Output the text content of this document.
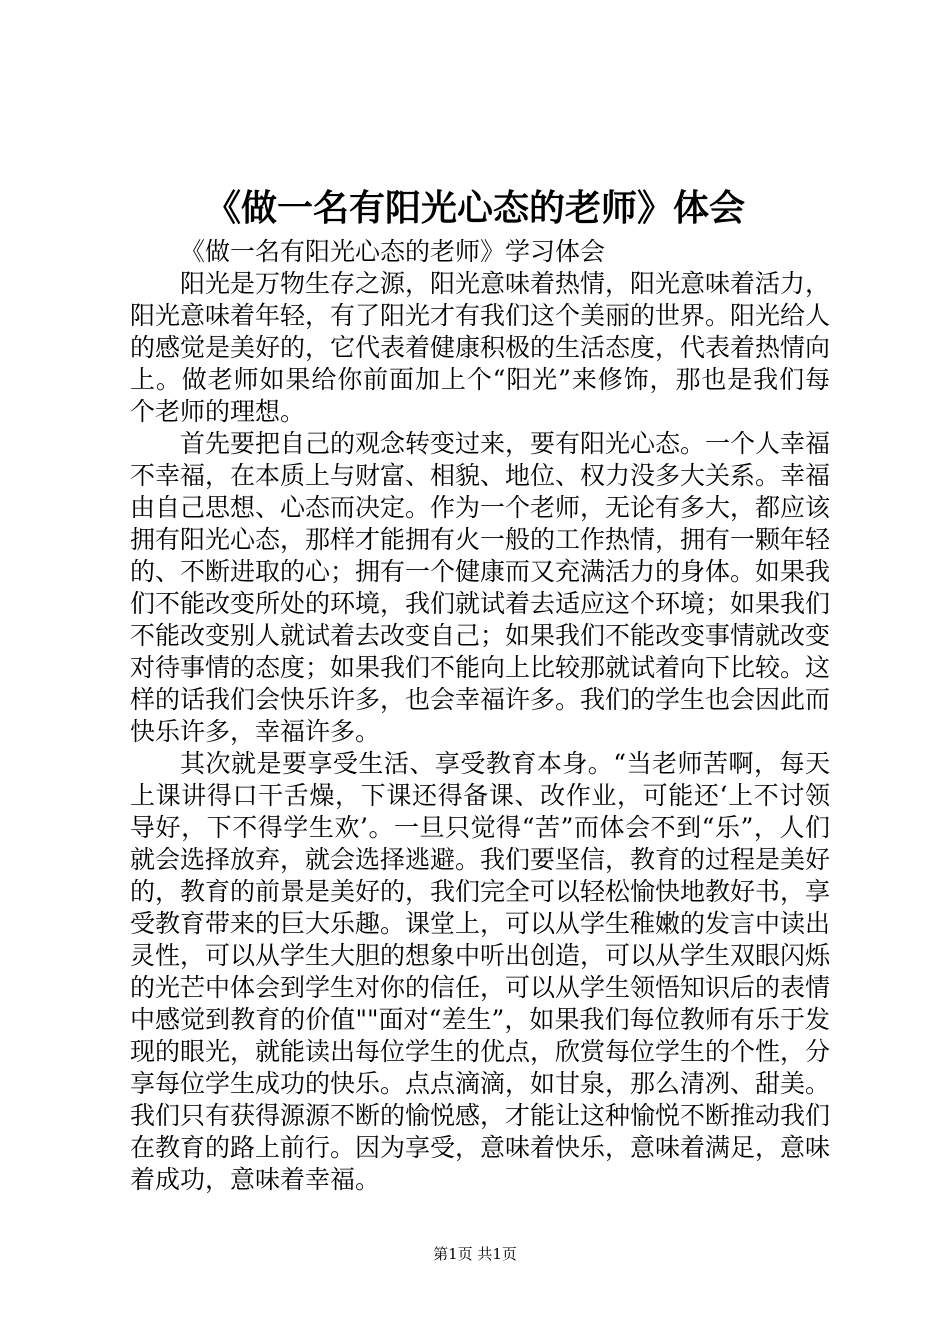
《做一名有阳光心态的老师》体会

《做一名有阳光心态的老师》学习体会

阳光是万物生存之源，阳光意味着热情，阳光意味着活力，阳光意味着年轻，有了阳光才有我们这个美丽的世界。阳光给人的感觉是美好的，它代表着健康积极的生活态度，代表着热情向上。做老师如果给你前面加上个“阳光”来修饰，那也是我们每个老师的理想。

首先要把自己的观念转变过来，要有阳光心态。一个人幸福不幸福，在本质上与财富、相貌、地位、权力没多大关系。幸福由自己思想、心态而决定。作为一个老师，无论有多大，都应该拥有阳光心态，那样才能拥有火一般的工作热情，拥有一颗年轻的、不断进取的心；拥有一个健康而又充满活力的身体。如果我们不能改变所处的环境，我们就试着去适应这个环境；如果我们不能改变别人就试着去改变自己；如果我们不能改变事情就改变对待事情的态度；如果我们不能向上比较那就试着向下比较。这样的话我们会快乐许多，也会幸福许多。我们的学生也会因此而快乐许多，幸福许多。

其次就是要享受生活、享受教育本身。“当老师苦啊，每天上课讲得口干舌燥，下课还得备课、改作业，可能还‘上不讨领导好，下不得学生欢’。一旦只觉得“苦”而体会不到“乐”，人们就会选择放弃，就会选择逃避。我们要坚信，教育的过程是美好的，教育的前景是美好的，我们完全可以轻松愉快地教好书，享受教育带来的巨大乐趣。课堂上，可以从学生稚嫩的发言中读出灵性，可以从学生大胆的想象中听出创造，可以从学生双眼闪烁的光芒中体会到学生对你的信任，可以从学生领悟知识后的表情中感觉到教育的价值""面对“差生”，如果我们每位教师有乐于发现的眼光，就能读出每位学生的优点，欣赏每位学生的个性，分享每位学生成功的快乐。点点滴滴，如甘泉，那么清冽、甜美。我们只有获得源源不断的愉悦感，才能让这种愉悦不断推动我们在教育的路上前行。因为享受，意味着快乐，意味着满足，意味着成功，意味着幸福。

第1页 共1页
